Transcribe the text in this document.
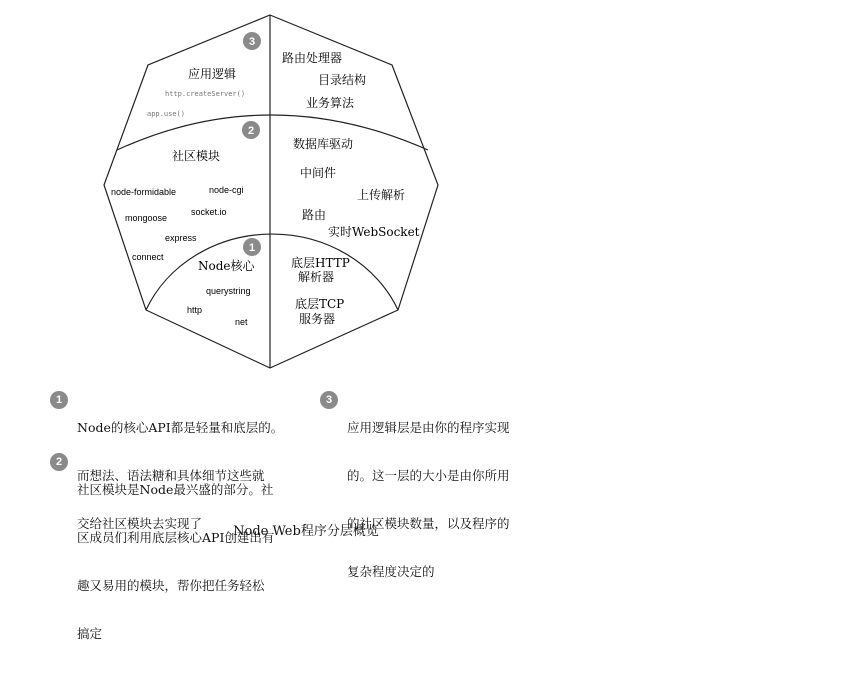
3
2
1
应用逻辑
http.createServer()
app.use()
路由处理器
目录结构
业务算法
社区模块
node-formidable	node-cgi
mongoose
socket.io
express
connect
数据库驱动
中间件
上传解析
路由
实时WebSocket
Node核心
querystring
http
net
底层HTTP
解析器
底层TCP
服务器
1

Node的核心API都是轻量和底层的。

而想法、语法糖和具体细节这些就

交给社区模块去实现了

2

社区模块是Node最兴盛的部分。社

区成员们利用底层核心API创建出有

趣又易用的模块，帮你把任务轻松

搞定

3

应用逻辑层是由你的程序实现

的。这一层的大小是由你所用

的社区模块数量，以及程序的

复杂程度决定的

Node Web程序分层概览
